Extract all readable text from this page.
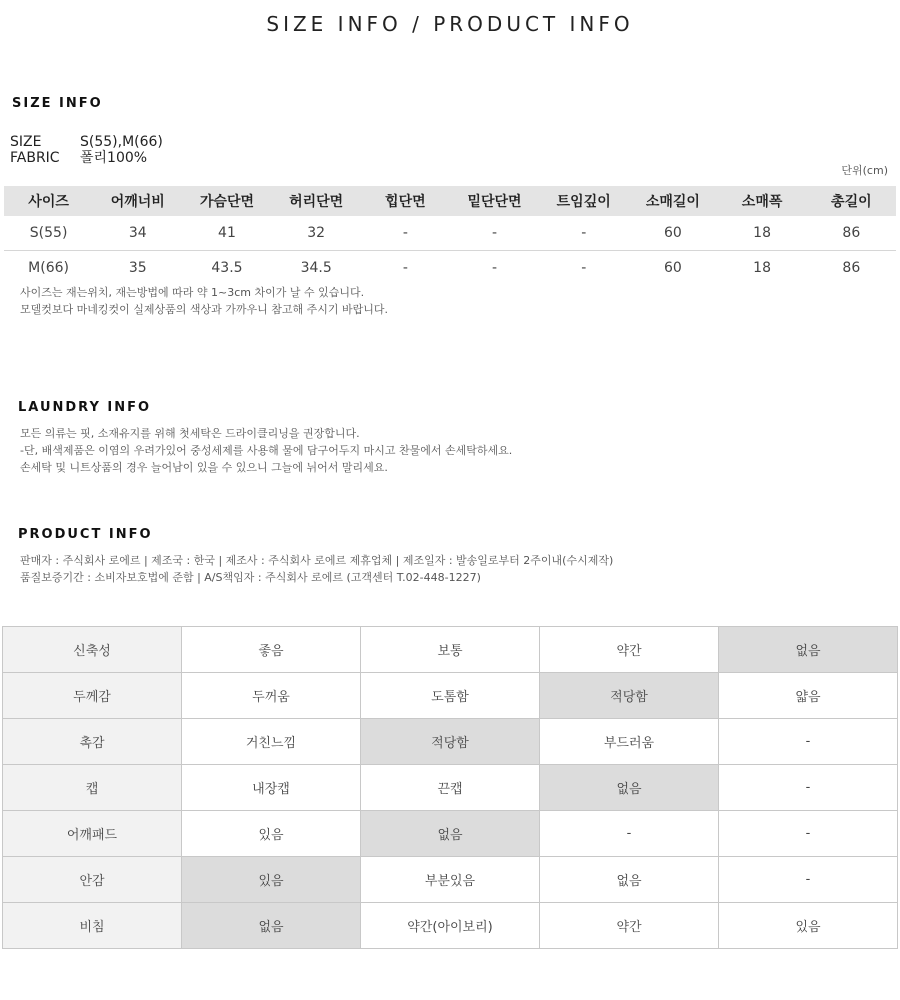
SIZE INFO / PRODUCT INFO
SIZE INFO
SIZE	S(55),M(66)
FABRIC	폴리100%
단위(cm)
사이즈	어깨너비	가슴단면	허리단면	힙단면	밑단단면	트임깊이	소매길이	소매폭	총길이
S(55)	34	41	32	-	-	-	60	18	86
M(66)	35	43.5	34.5	-	-	-	60	18	86
사이즈는 재는위치, 재는방법에 따라 약 1~3cm 차이가 날 수 있습니다.
모델컷보다 마네킹컷이 실제상품의 색상과 가까우니 참고해 주시기 바랍니다.
LAUNDRY INFO
모든 의류는 핏, 소재유지를 위해 첫세탁은 드라이클리닝을 권장합니다.
-단, 배색제품은 이염의 우려가있어 중성세제를 사용해 물에 담구어두지 마시고 찬물에서 손세탁하세요.
손세탁 및 니트상품의 경우 늘어남이 있을 수 있으니 그늘에 뉘어서 말리세요.
PRODUCT INFO
판매자 : 주식회사 로에르 | 제조국 : 한국 | 제조사 : 주식회사 로에르 제휴업체 | 제조일자 : 발송일로부터 2주이내(수시제작)
품질보증기간 : 소비자보호법에 준함 | A/S책임자 : 주식회사 로에르 (고객센터 T.02-448-1227)
신축성	좋음	보통	약간	없음
두께감	두꺼움	도톰함	적당함	얇음
촉감	거친느낌	적당함	부드러움	-
캡	내장캡	끈캡	없음	-
어깨패드	있음	없음	-	-
안감	있음	부분있음	없음	-
비침	없음	약간(아이보리)	약간	있음
